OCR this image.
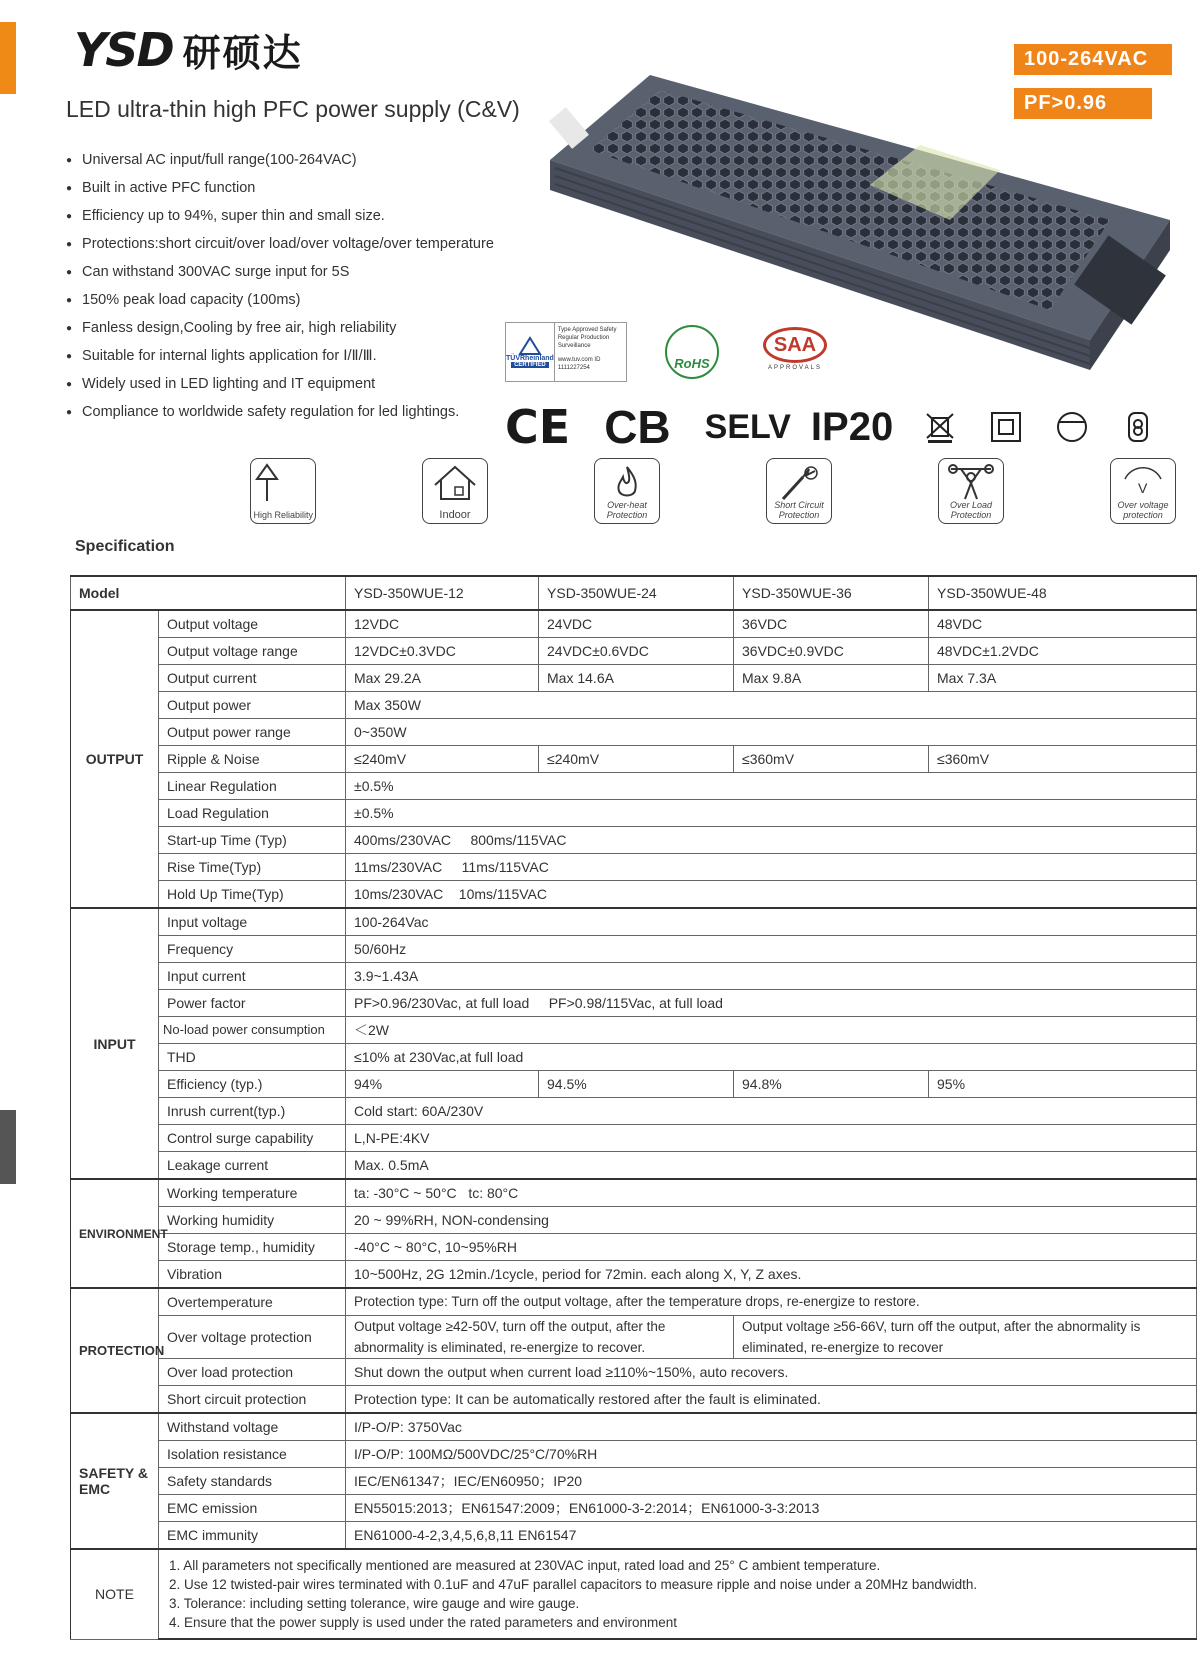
YSD 研硕达
LED ultra-thin high PFC power supply (C&V)
100-264VAC
PF>0.96
● Universal AC input/full range(100-264VAC)
● Built in active PFC function
● Efficiency up to 94%, super thin and small size.
● Protections:short circuit/over load/over voltage/over temperature
● Can withstand 300VAC surge input for 5S
● 150% peak load capacity (100ms)
● Fanless design,Cooling by free air, high reliability
● Suitable for internal lights application for Ⅰ/Ⅱ/Ⅲ.
● Widely used in LED lighting and IT equipment
● Compliance to worldwide safety regulation for led lightings.
TÜVRheinland
CERTIFIED
Type Approved Safety Regular Production Surveillance
www.tuv.com ID 1111227254	RoHS
SAA
APPROVALS
CE CB SELV IP20
High Reliability	Indoor
Over-heat Protection
Short Circuit Protection
Over Load Protection
V
Over voltage protection
Specification
Model		YSD-350WUE-12	YSD-350WUE-24	YSD-350WUE-36	YSD-350WUE-48
OUTPUT	Output voltage	12VDC	24VDC	36VDC	48VDC
	Output voltage range	12VDC±0.3VDC	24VDC±0.6VDC	36VDC±0.9VDC	48VDC±1.2VDC
	Output current	Max 29.2A	Max 14.6A	Max 9.8A	Max 7.3A
	Output power	Max 350W			
	Output power range	0~350W			
	Ripple & Noise	≤240mV	≤240mV	≤360mV	≤360mV
	Linear Regulation	±0.5%			
	Load Regulation	±0.5%			
	Start-up Time (Typ)	400ms/230VAC     800ms/115VAC			
	Rise Time(Typ)	11ms/230VAC     11ms/115VAC			
	Hold Up Time(Typ)	10ms/230VAC    10ms/115VAC			
INPUT	Input voltage	100-264Vac			
	Frequency	50/60Hz			
	Input current	3.9~1.43A			
	Power factor	PF>0.96/230Vac, at full load     PF>0.98/115Vac, at full load			
	No-load power consumption	＜2W			
	THD	≤10% at 230Vac,at full load			
	Efficiency (typ.)	94%	94.5%	94.8%	95%
	Inrush current(typ.)	Cold start: 60A/230V			
	Control surge capability	L,N-PE:4KV			
	Leakage current	Max. 0.5mA			
ENVIRONMENT	Working temperature	ta: -30°C ~ 50°C   tc: 80°C			
	Working humidity	20 ~ 99%RH, NON-condensing			
	Storage temp., humidity	-40°C ~ 80°C, 10~95%RH			
	Vibration	10~500Hz, 2G 12min./1cycle, period for 72min. each along X, Y, Z axes.			
PROTECTION	Overtemperature	Protection type: Turn off the output voltage, after the temperature drops, re-energize to restore.			
	Over voltage protection	Output voltage ≥42-50V, turn off the output, after the abnormality is eliminated, re-energize to recover.		Output voltage ≥56-66V, turn off the output, after the abnormality is eliminated, re-energize to recover	
	Over load protection	Shut down the output when current load ≥110%~150%, auto recovers.			
	Short circuit protection	Protection type: It can be automatically restored after the fault is eliminated.			
SAFETY & EMC	Withstand voltage	I/P-O/P: 3750Vac			
	Isolation resistance	I/P-O/P: 100MΩ/500VDC/25°C/70%RH			
	Safety standards	IEC/EN61347；IEC/EN60950；IP20			
	EMC emission	EN55015:2013；EN61547:2009；EN61000-3-2:2014；EN61000-3-3:2013			
	EMC immunity	EN61000-4-2,3,4,5,6,8,11 EN61547			
NOTE	1. All parameters not specifically mentioned are measured at 230VAC input, rated load and 25° C ambient temperature.
2. Use 12 twisted-pair wires terminated with 0.1uF and 47uF parallel capacitors to measure ripple and noise under a 20MHz bandwidth.
3. Tolerance: including setting tolerance, wire gauge and wire gauge.
4. Ensure that the power supply is used under the rated parameters and environment				
